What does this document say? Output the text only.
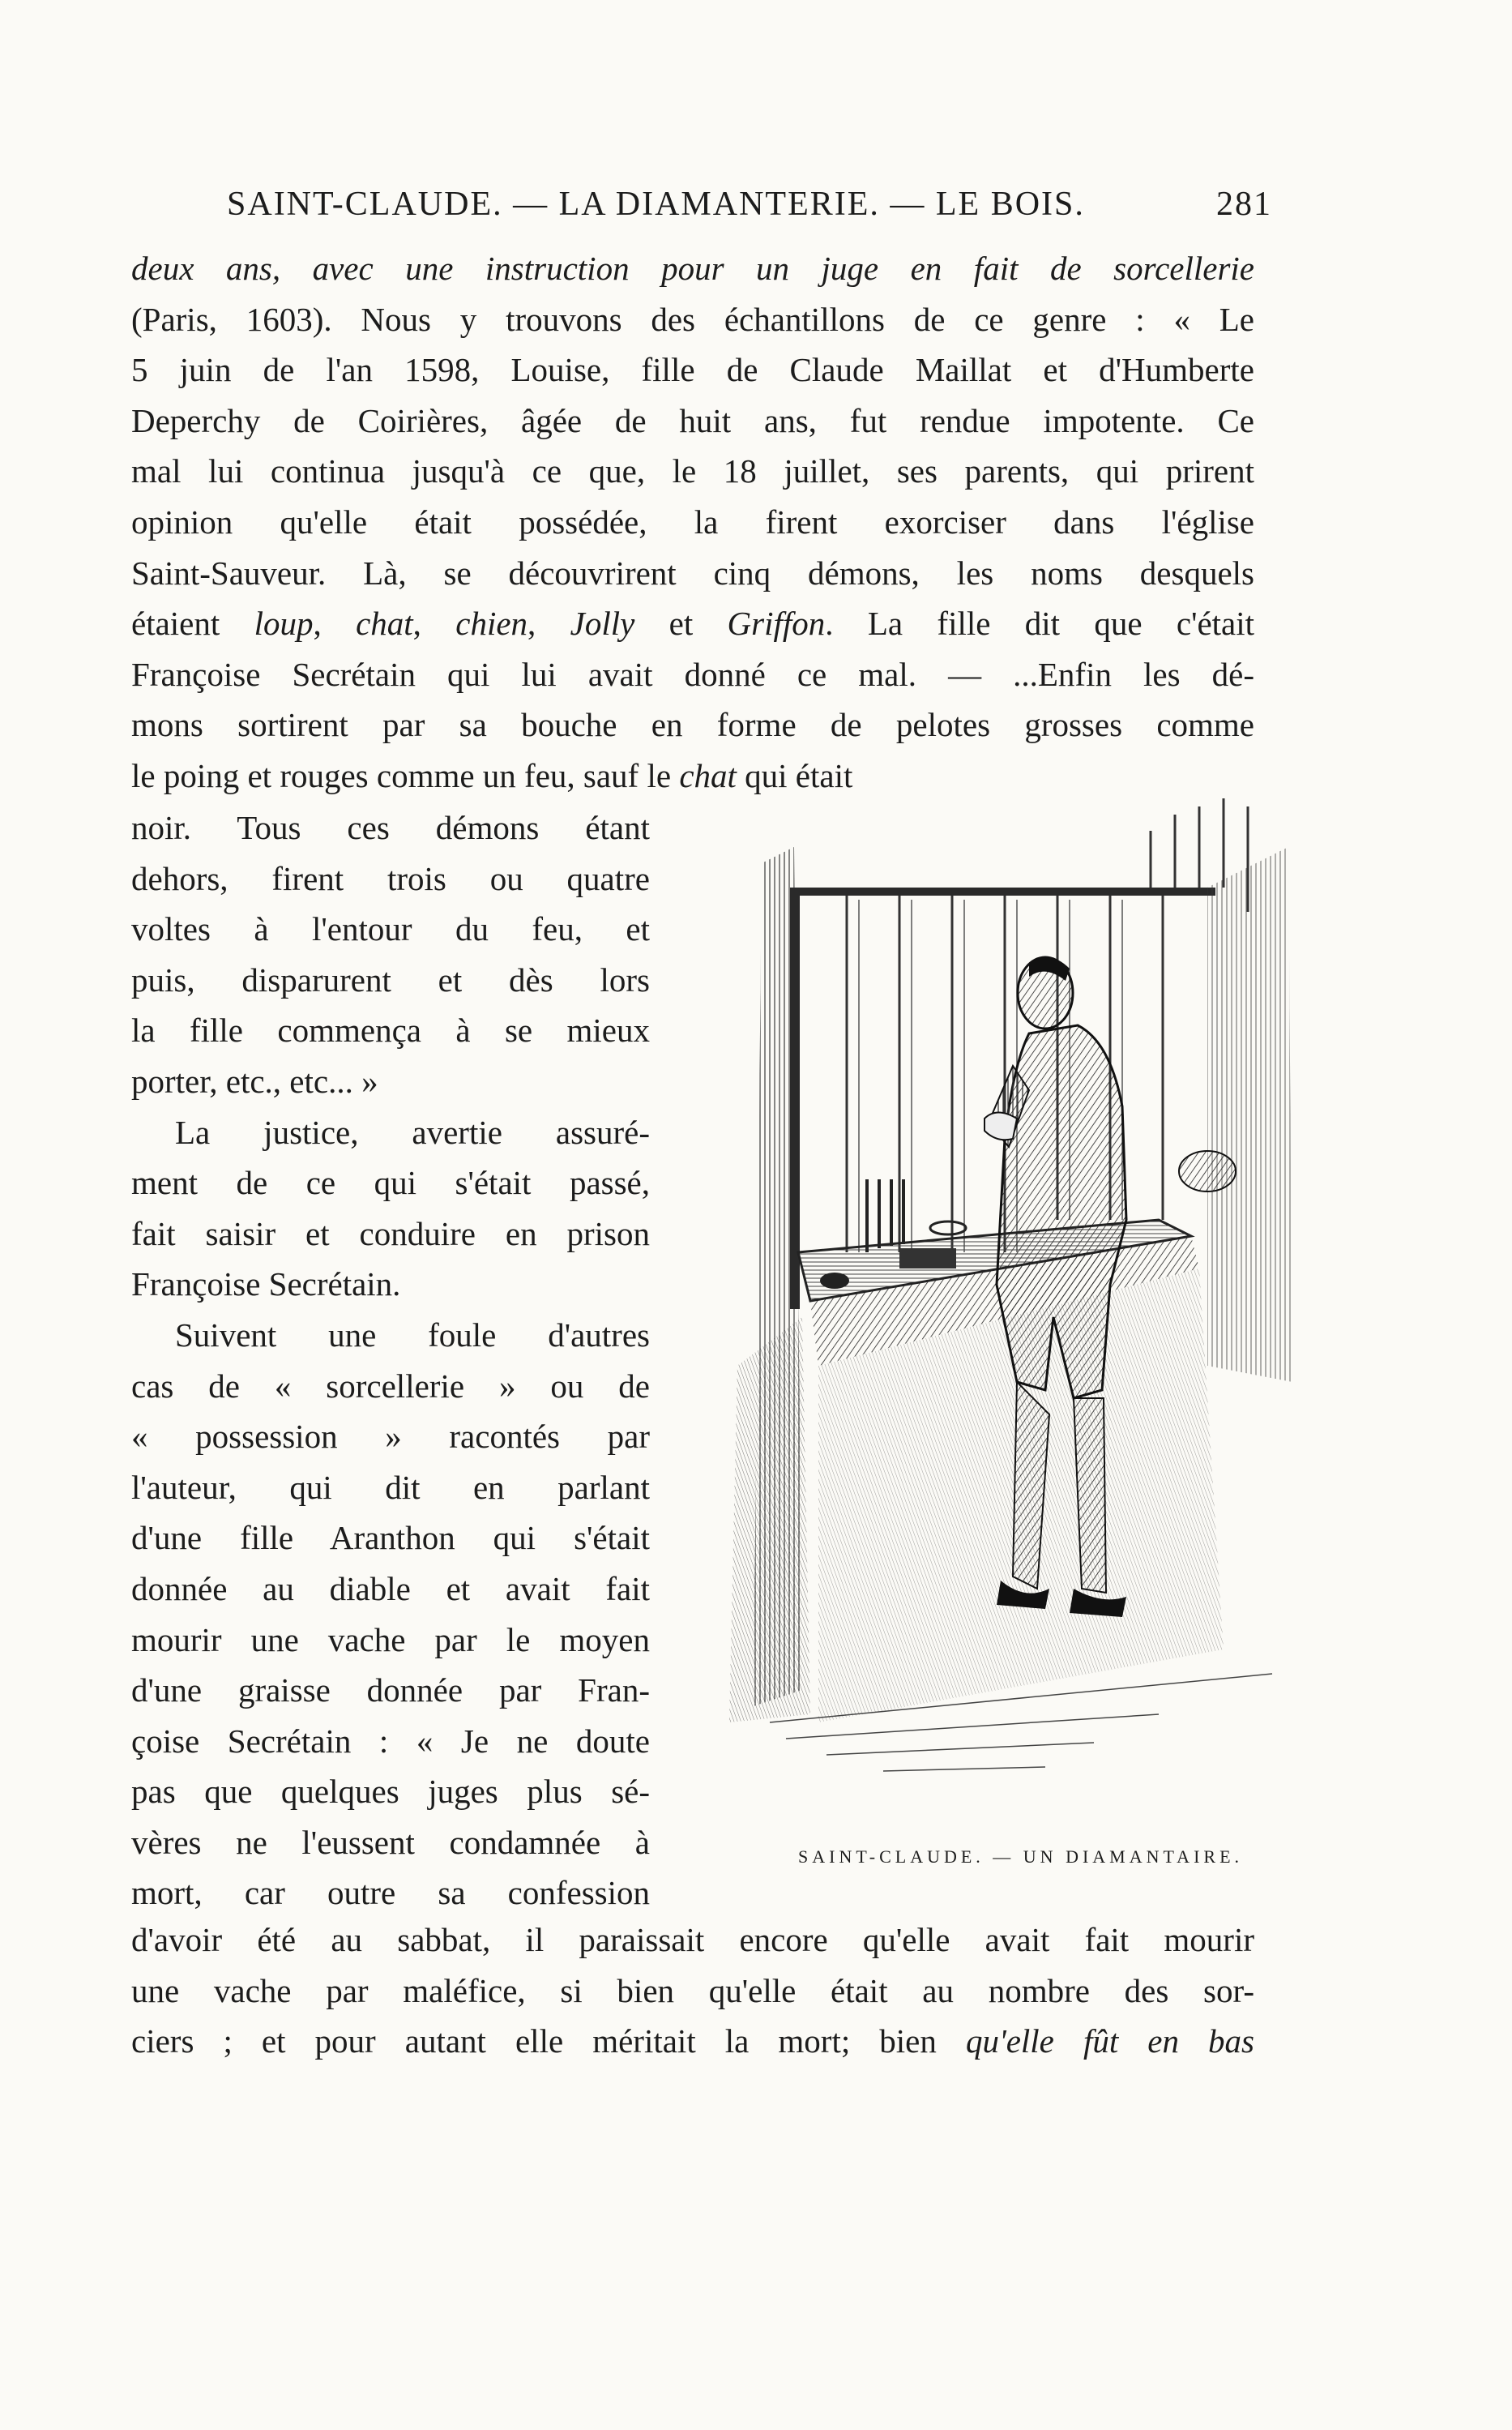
SAINT-CLAUDE. — LA DIAMANTERIE. — LE BOIS.	281
deux ans, avec une instruction pour un juge en fait de sorcellerie
(Paris, 1603). Nous y trouvons des échantillons de ce genre : « Le
5 juin de l'an 1598, Louise, fille de Claude Maillat et d'Humberte
Deperchy de Coirières, âgée de huit ans, fut rendue impotente. Ce
mal lui continua jusqu'à ce que, le 18 juillet, ses parents, qui prirent
opinion qu'elle était possédée, la firent exorciser dans l'église
Saint-Sauveur. Là, se découvrirent cinq démons, les noms desquels
étaient loup, chat, chien, Jolly et Griffon. La fille dit que c'était
Françoise Secrétain qui lui avait donné ce mal. — ...Enfin les dé-
mons sortirent par sa bouche en forme de pelotes grosses comme
le poing et rouges comme un feu, sauf le chat qui était
noir. Tous ces démons étant
dehors, firent trois ou quatre
voltes à l'entour du feu, et
puis, disparurent et dès lors
la fille commença à se mieux
porter, etc., etc... »
La justice, avertie assuré-
ment de ce qui s'était passé,
fait saisir et conduire en prison
Françoise Secrétain.
Suivent une foule d'autres
cas de « sorcellerie » ou de
« possession » racontés par
l'auteur, qui dit en parlant
d'une fille Aranthon qui s'était
donnée au diable et avait fait
mourir une vache par le moyen
d'une graisse donnée par Fran-
çoise Secrétain : « Je ne doute
pas que quelques juges plus sé-
vères ne l'eussent condamnée à
mort, car outre sa confession
SAINT-CLAUDE. — UN DIAMANTAIRE.
d'avoir été au sabbat, il paraissait encore qu'elle avait fait mourir
une vache par maléfice, si bien qu'elle était au nombre des sor-
ciers ; et pour autant elle méritait la mort; bien qu'elle fût en bas
